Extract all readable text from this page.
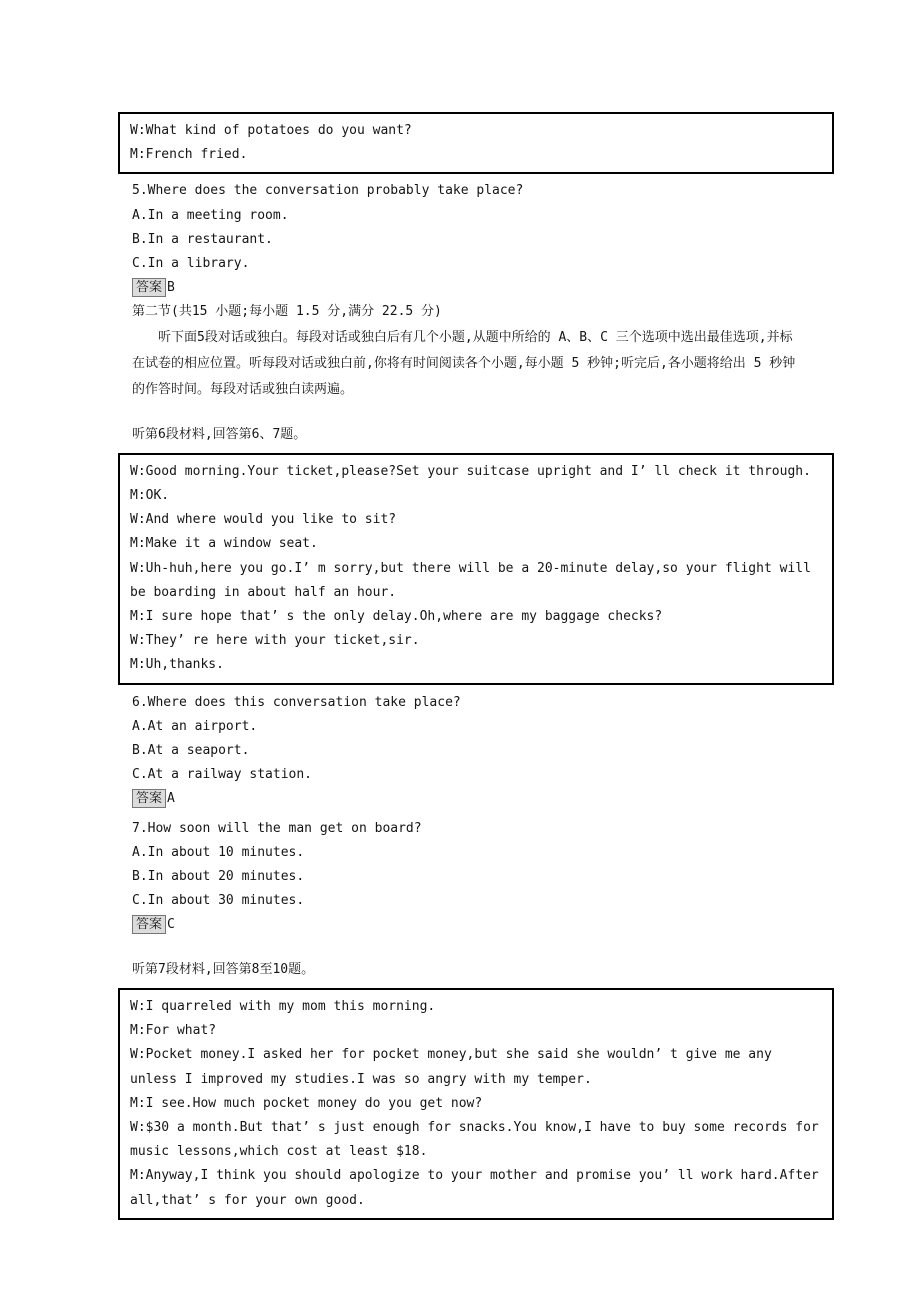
W:What kind of potatoes do you want?

M:French fried.

5.Where does the conversation probably take place?

A.In a meeting room.

B.In a restaurant.

C.In a library.

答案 B

第二节(共15 小题;每小题 1.5 分,满分 22.5 分)

听下面5段对话或独白。每段对话或独白后有几个小题,从题中所给的 A、B、C 三个选项中选出最佳选项,并标在试卷的相应位置。听每段对话或独白前,你将有时间阅读各个小题,每小题 5 秒钟;听完后,各小题将给出 5 秒钟的作答时间。每段对话或独白读两遍。

听第6段材料,回答第6、7题。

W:Good morning.Your ticket,please?Set your suitcase upright and I’ ll check it through.

M:OK.

W:And where would you like to sit?

M:Make it a window seat.

W:Uh-huh,here you go.I’ m sorry,but there will be a 20-minute delay,so your flight will be boarding in about half an hour.

M:I sure hope that’ s the only delay.Oh,where are my baggage checks?

W:They’ re here with your ticket,sir.

M:Uh,thanks.

6.Where does this conversation take place?

A.At an airport.

B.At a seaport.

C.At a railway station.

答案 A

7.How soon will the man get on board?

A.In about 10 minutes.

B.In about 20 minutes.

C.In about 30 minutes.

答案 C

听第7段材料,回答第8至10题。

W:I quarreled with my mom this morning.

M:For what?

W:Pocket money.I asked her for pocket money,but she said she wouldn’ t give me any unless I improved my studies.I was so angry with my temper.

M:I see.How much pocket money do you get now?

W:$30 a month.But that’ s just enough for snacks.You know,I have to buy some records for music lessons,which cost at least $18.

M:Anyway,I think you should apologize to your mother and promise you’ ll work hard.After all,that’ s for your own good.
